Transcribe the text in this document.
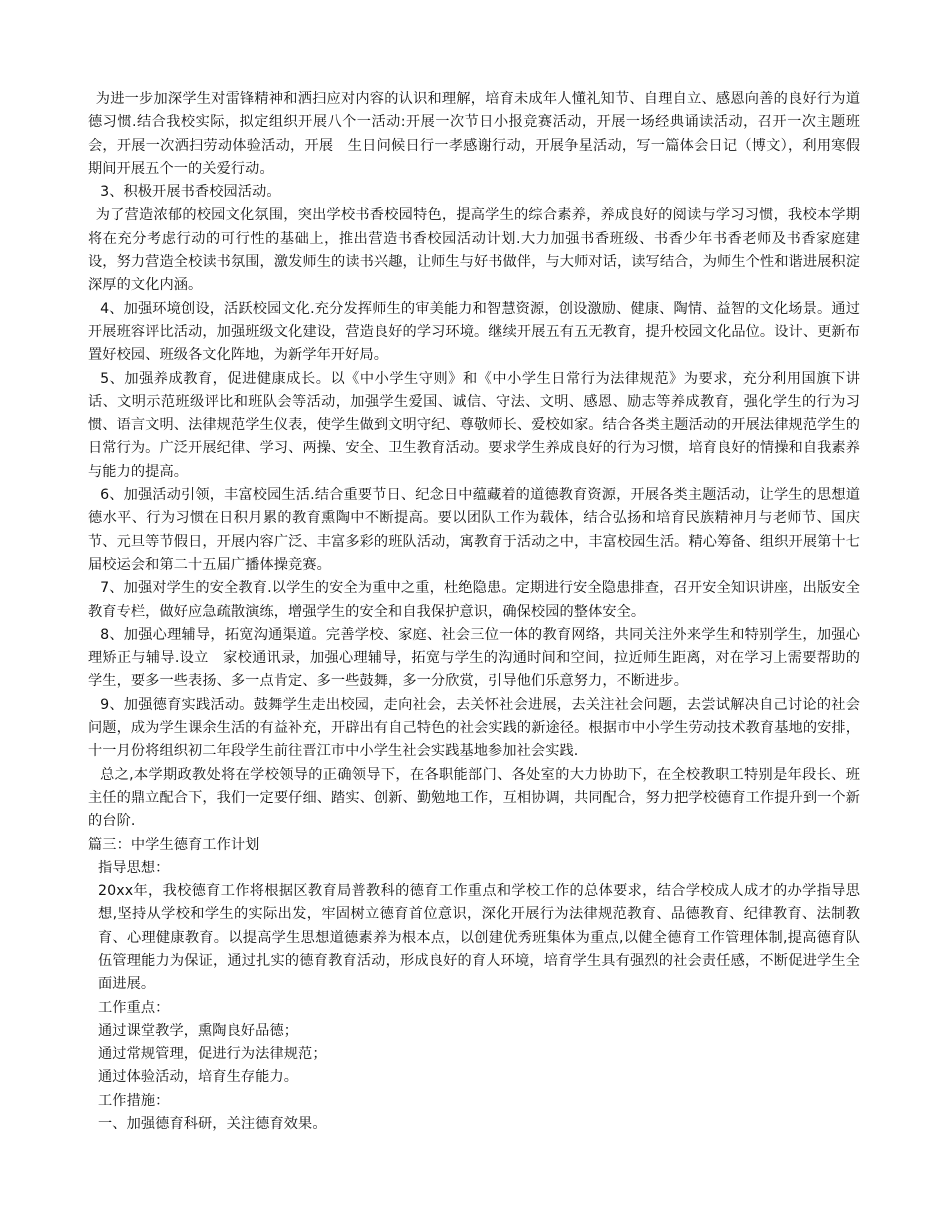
为进一步加深学生对雷锋精神和洒扫应对内容的认识和理解，培育未成年人懂礼知节、自理自立、感恩向善的良好行为道德习惯.结合我校实际，拟定组织开展八个一活动:开展一次节日小报竞赛活动，开展一场经典诵读活动，召开一次主题班会，开展一次洒扫劳动体验活动，开展　生日问候日行一孝感谢行动，开展争星活动，写一篇体会日记（博文），利用寒假期间开展五个一的关爱行动。

3、积极开展书香校园活动。

为了营造浓郁的校园文化氛围，突出学校书香校园特色，提高学生的综合素养，养成良好的阅读与学习习惯，我校本学期将在充分考虑行动的可行性的基础上，推出营造书香校园活动计划.大力加强书香班级、书香少年书香老师及书香家庭建设，努力营造全校读书氛围，激发师生的读书兴趣，让师生与好书做伴，与大师对话，读写结合，为师生个性和谐进展积淀深厚的文化内涵。

4、加强环境创设，活跃校园文化.充分发挥师生的审美能力和智慧资源，创设激励、健康、陶情、益智的文化场景。通过开展班容评比活动，加强班级文化建设，营造良好的学习环境。继续开展五有五无教育，提升校园文化品位。设计、更新布置好校园、班级各文化阵地，为新学年开好局。

5、加强养成教育，促进健康成长。以《中小学生守则》和《中小学生日常行为法律规范》为要求，充分利用国旗下讲话、文明示范班级评比和班队会等活动，加强学生爱国、诚信、守法、文明、感恩、励志等养成教育，强化学生的行为习惯、语言文明、法律规范学生仪表，使学生做到文明守纪、尊敬师长、爱校如家。结合各类主题活动的开展法律规范学生的日常行为。广泛开展纪律、学习、两操、安全、卫生教育活动。要求学生养成良好的行为习惯，培育良好的情操和自我素养与能力的提高。

6、加强活动引领，丰富校园生活.结合重要节日、纪念日中蕴藏着的道德教育资源，开展各类主题活动，让学生的思想道德水平、行为习惯在日积月累的教育熏陶中不断提高。要以团队工作为载体，结合弘扬和培育民族精神月与老师节、国庆节、元旦等节假日，开展内容广泛、丰富多彩的班队活动，寓教育于活动之中，丰富校园生活。精心筹备、组织开展第十七届校运会和第二十五届广播体操竞赛。

7、加强对学生的安全教育.以学生的安全为重中之重，杜绝隐患。定期进行安全隐患排查，召开安全知识讲座，出版安全教育专栏，做好应急疏散演练，增强学生的安全和自我保护意识，确保校园的整体安全。

8、加强心理辅导，拓宽沟通渠道。完善学校、家庭、社会三位一体的教育网络，共同关注外来学生和特别学生，加强心理矫正与辅导.设立　家校通讯录，加强心理辅导，拓宽与学生的沟通时间和空间，拉近师生距离，对在学习上需要帮助的学生，要多一些表扬、多一点肯定、多一些鼓舞，多一分欣赏，引导他们乐意努力，不断进步。

9、加强德育实践活动。鼓舞学生走出校园，走向社会，去关怀社会进展，去关注社会问题，去尝试解决自己讨论的社会问题，成为学生课余生活的有益补充，开辟出有自己特色的社会实践的新途径。根据市中小学生劳动技术教育基地的安排，十一月份将组织初二年段学生前往晋江市中小学生社会实践基地参加社会实践.

总之,本学期政教处将在学校领导的正确领导下，在各职能部门、各处室的大力协助下，在全校教职工特别是年段长、班主任的鼎立配合下，我们一定要仔细、踏实、创新、勤勉地工作，互相协调，共同配合，努力把学校德育工作提升到一个新的台阶.

篇三：中学生德育工作计划

指导思想：

20xx年，我校德育工作将根据区教育局普教科的德育工作重点和学校工作的总体要求，结合学校成人成才的办学指导思想,坚持从学校和学生的实际出发，牢固树立德育首位意识，深化开展行为法律规范教育、品德教育、纪律教育、法制教育、心理健康教育。以提高学生思想道德素养为根本点，以创建优秀班集体为重点,以健全德育工作管理体制,提高德育队伍管理能力为保证，通过扎实的德育教育活动，形成良好的育人环境，培育学生具有强烈的社会责任感，不断促进学生全面进展。

工作重点：

通过课堂教学，熏陶良好品德；

通过常规管理，促进行为法律规范；

通过体验活动，培育生存能力。

工作措施：

一、加强德育科研，关注德育效果。
